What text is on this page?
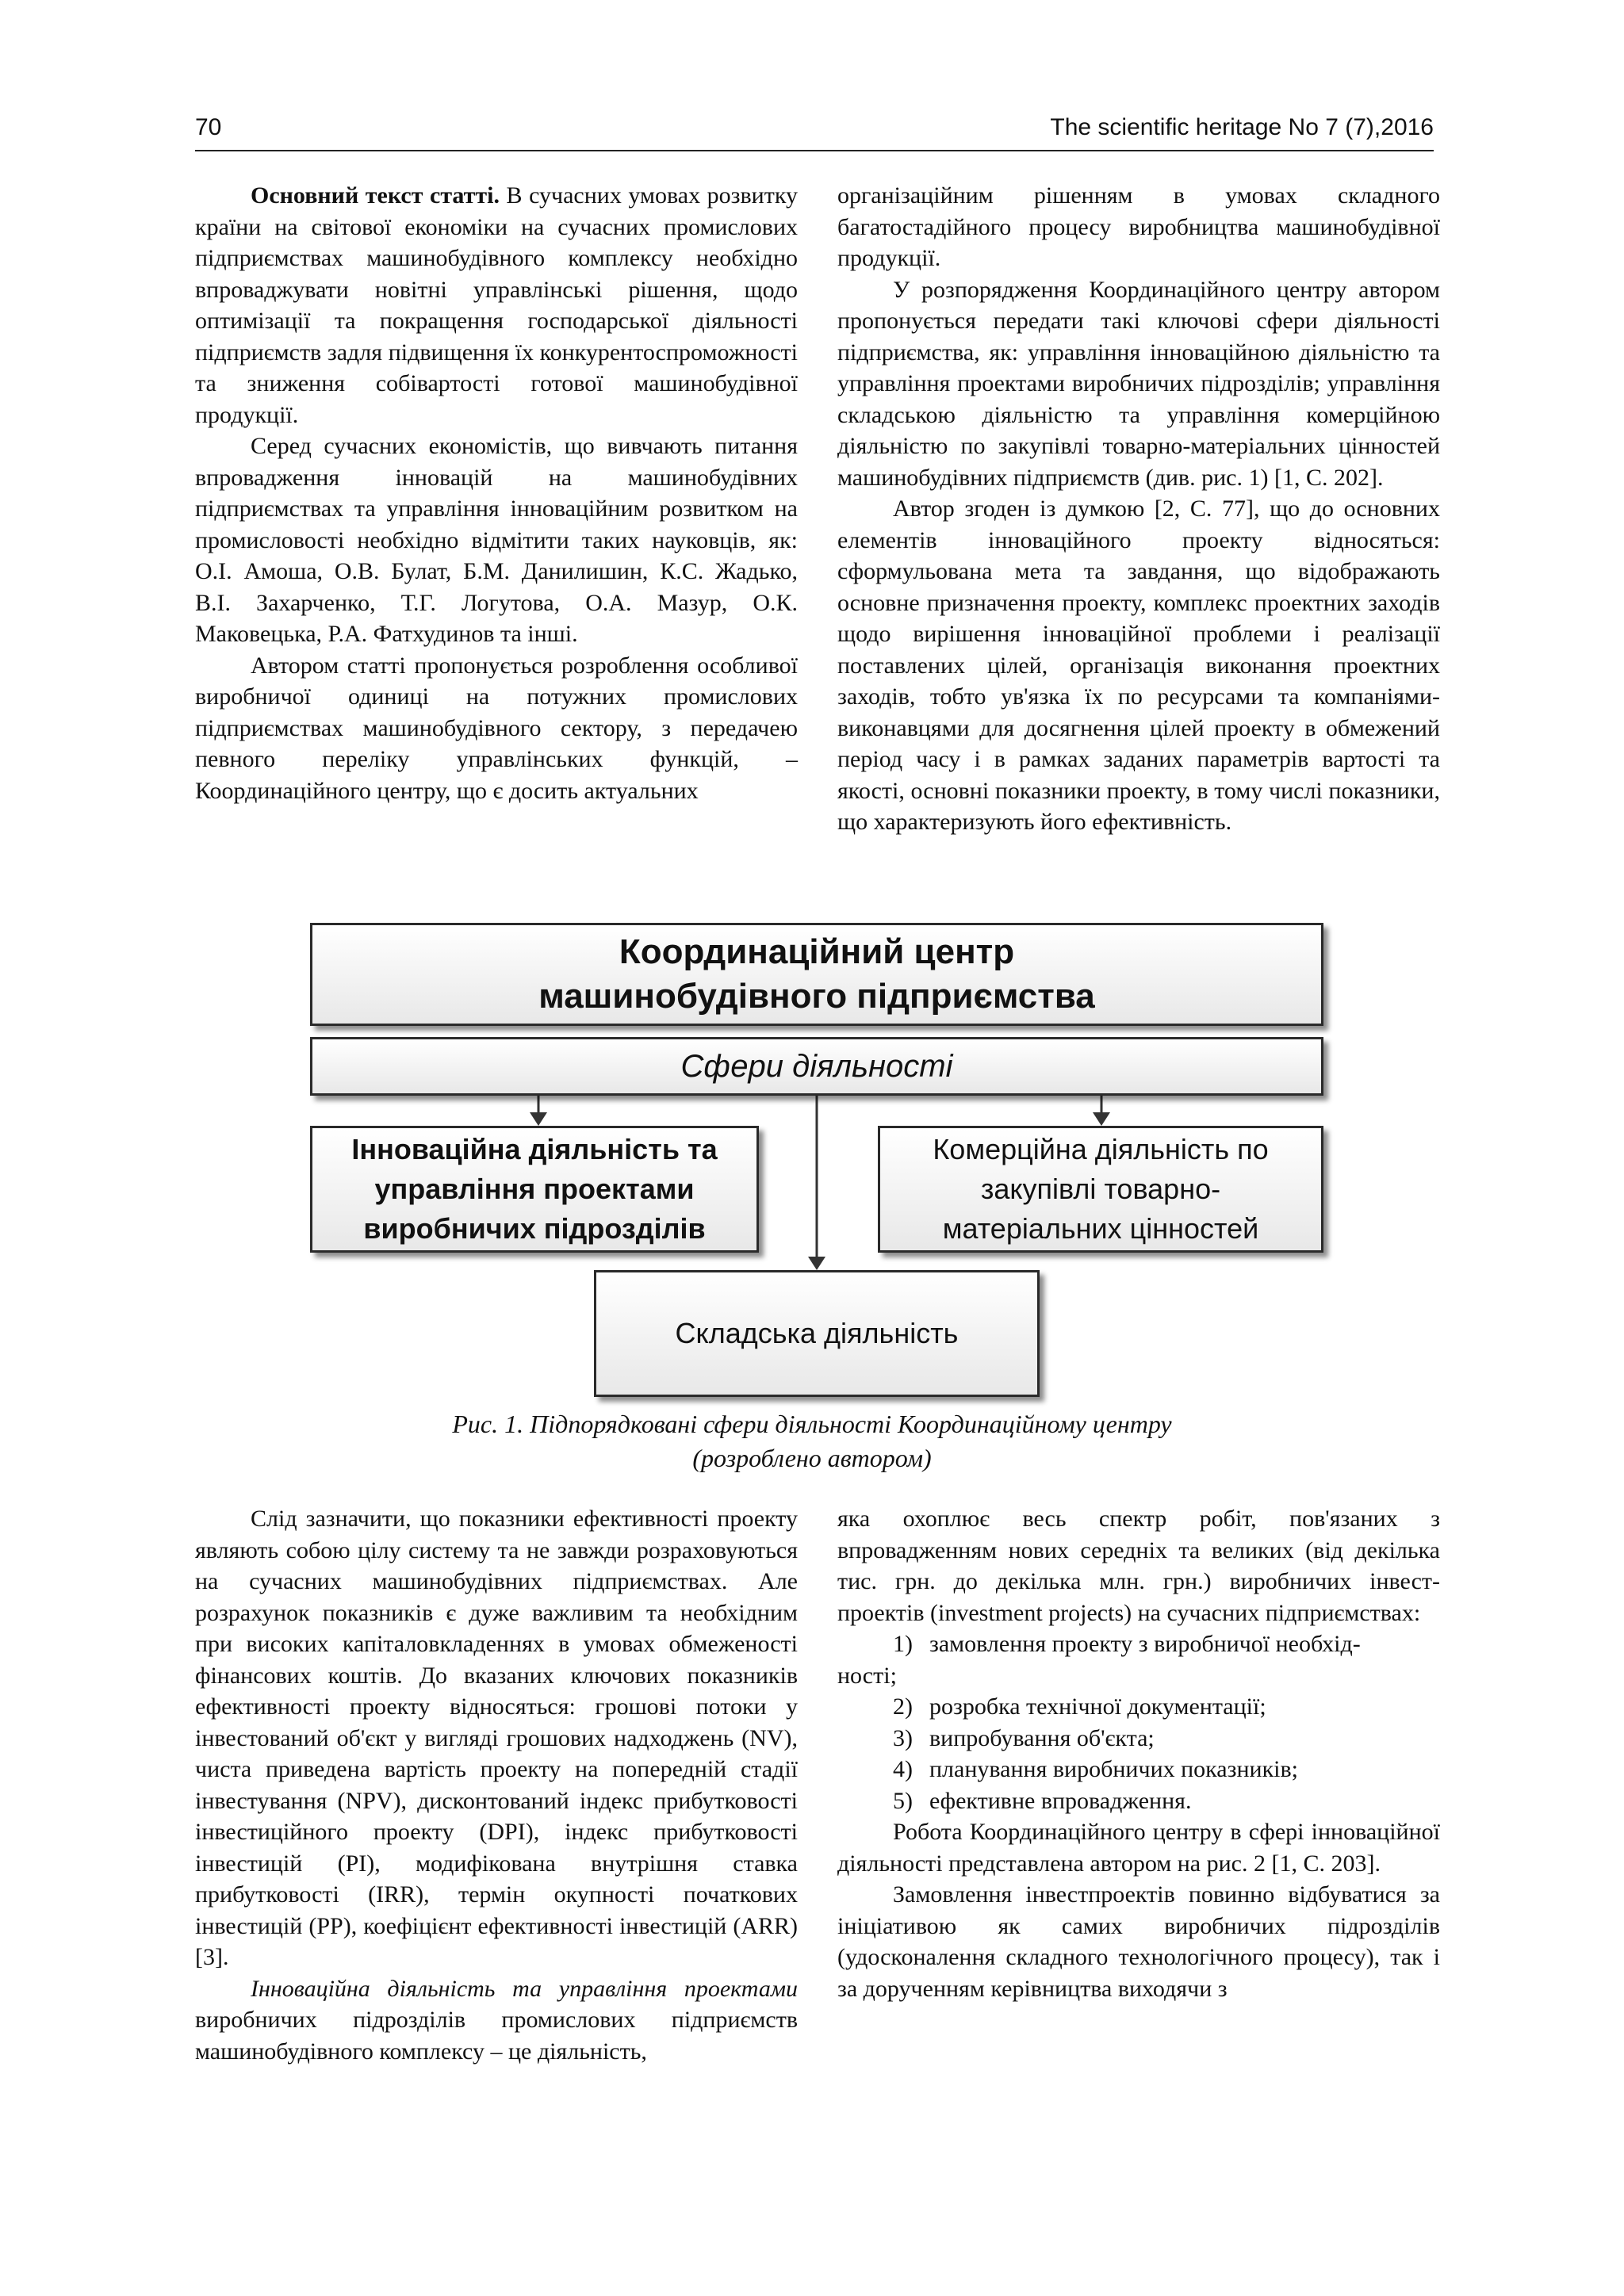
70	The scientific heritage No 7 (7),2016

Основний текст статті. В сучасних умовах розвитку країни на світової економіки на сучасних промислових підприємствах машинобудівного комплексу необхідно впроваджувати новітні управлінські рішення, щодо оптимізації та покращення господарської діяльності підприємств задля підвищення їх конкурентоспроможності та зниження собівартості готової машинобудівної продукції.

Серед сучасних економістів, що вивчають питання впровадження інновацій на машинобудівних підприємствах та управління інноваційним розвитком на промисловості необхідно відмітити таких науковців, як: О.І. Амоша, О.В. Булат, Б.М. Данилишин, К.С. Жадько, В.І. Захарченко, Т.Г. Логутова, О.А. Мазур, О.К. Маковецька, Р.А. Фатхудинов та інші.

Автором статті пропонується розроблення особливої виробничої одиниці на потужних промислових підприємствах машинобудівного сектору, з передачею певного переліку управлінських функцій, – Координаційного центру, що є досить актуальних

організаційним рішенням в умовах складного багатостадійного процесу виробництва машинобудівної продукції.

У розпорядження Координаційного центру автором пропонується передати такі ключові сфери діяльності підприємства, як: управління інноваційною діяльністю та управління проектами виробничих підрозділів; управління складською діяльністю та управління комерційною діяльністю по закупівлі товарно-матеріальних цінностей машинобудівних підприємств (див. рис. 1) [1, С. 202].

Автор згоден із думкою [2, С. 77], що до основних елементів інноваційного проекту відносяться: сформульована мета та завдання, що відображають основне призначення проекту, комплекс проектних заходів щодо вирішення інноваційної проблеми і реалізації поставлених цілей, організація виконання проектних заходів, тобто ув'язка їх по ресурсами та компаніями-виконавцями для досягнення цілей проекту в обмежений період часу і в рамках заданих параметрів вартості та якості, основні показники проекту, в тому числі показники, що характеризують його ефективність.

Координаційний центр
машинобудівного підприємства
Сфери діяльності
Інноваційна діяльність та
управління проектами
виробничих підрозділів
Комерційна діяльність по
закупівлі товарно-
матеріальних цінностей
Складська діяльність
Рис. 1. Підпорядковані сфери діяльності Координаційному центру
(розроблено автором)

Слід зазначити, що показники ефективності проекту являють собою цілу систему та не завжди розраховуються на сучасних машинобудівних підприємствах. Але розрахунок показників є дуже важливим та необхідним при високих капіталовкладеннях в умовах обмеженості фінансових коштів. До вказаних ключових показників ефективності проекту відносяться: грошові потоки у інвестований об'єкт у вигляді грошових надходжень (NV), чиста приведена вартість проекту на попередній стадії інвестування (NPV), дисконтований індекс прибутковості інвестиційного проекту (DPI), індекс прибутковості інвестицій (PI), модифікована внутрішня ставка прибутковості (IRR), термін окупності початкових інвестицій (PP), коефіцієнт ефективності інвестицій (ARR) [3].

Інноваційна діяльність та управління проектами виробничих підрозділів промислових підприємств машинобудівного комплексу – це діяльність,

яка охоплює весь спектр робіт, пов'язаних з впровадженням нових середніх та великих (від декілька тис. грн. до декілька млн. грн.) виробничих інвест-проектів (investment projects) на сучасних підприємствах:

1) замовлення проекту з виробничої необхід-

ності;

2) розробка технічної документації;
3) випробування об'єкта;
4) планування виробничих показників;
5) ефективне впровадження.

Робота Координаційного центру в сфері інноваційної діяльності представлена автором на рис. 2 [1, С. 203].

Замовлення інвестпроектів повинно відбуватися за ініціативою як самих виробничих підрозділів (удосконалення складного технологічного процесу), так і за дорученням керівництва виходячи з
